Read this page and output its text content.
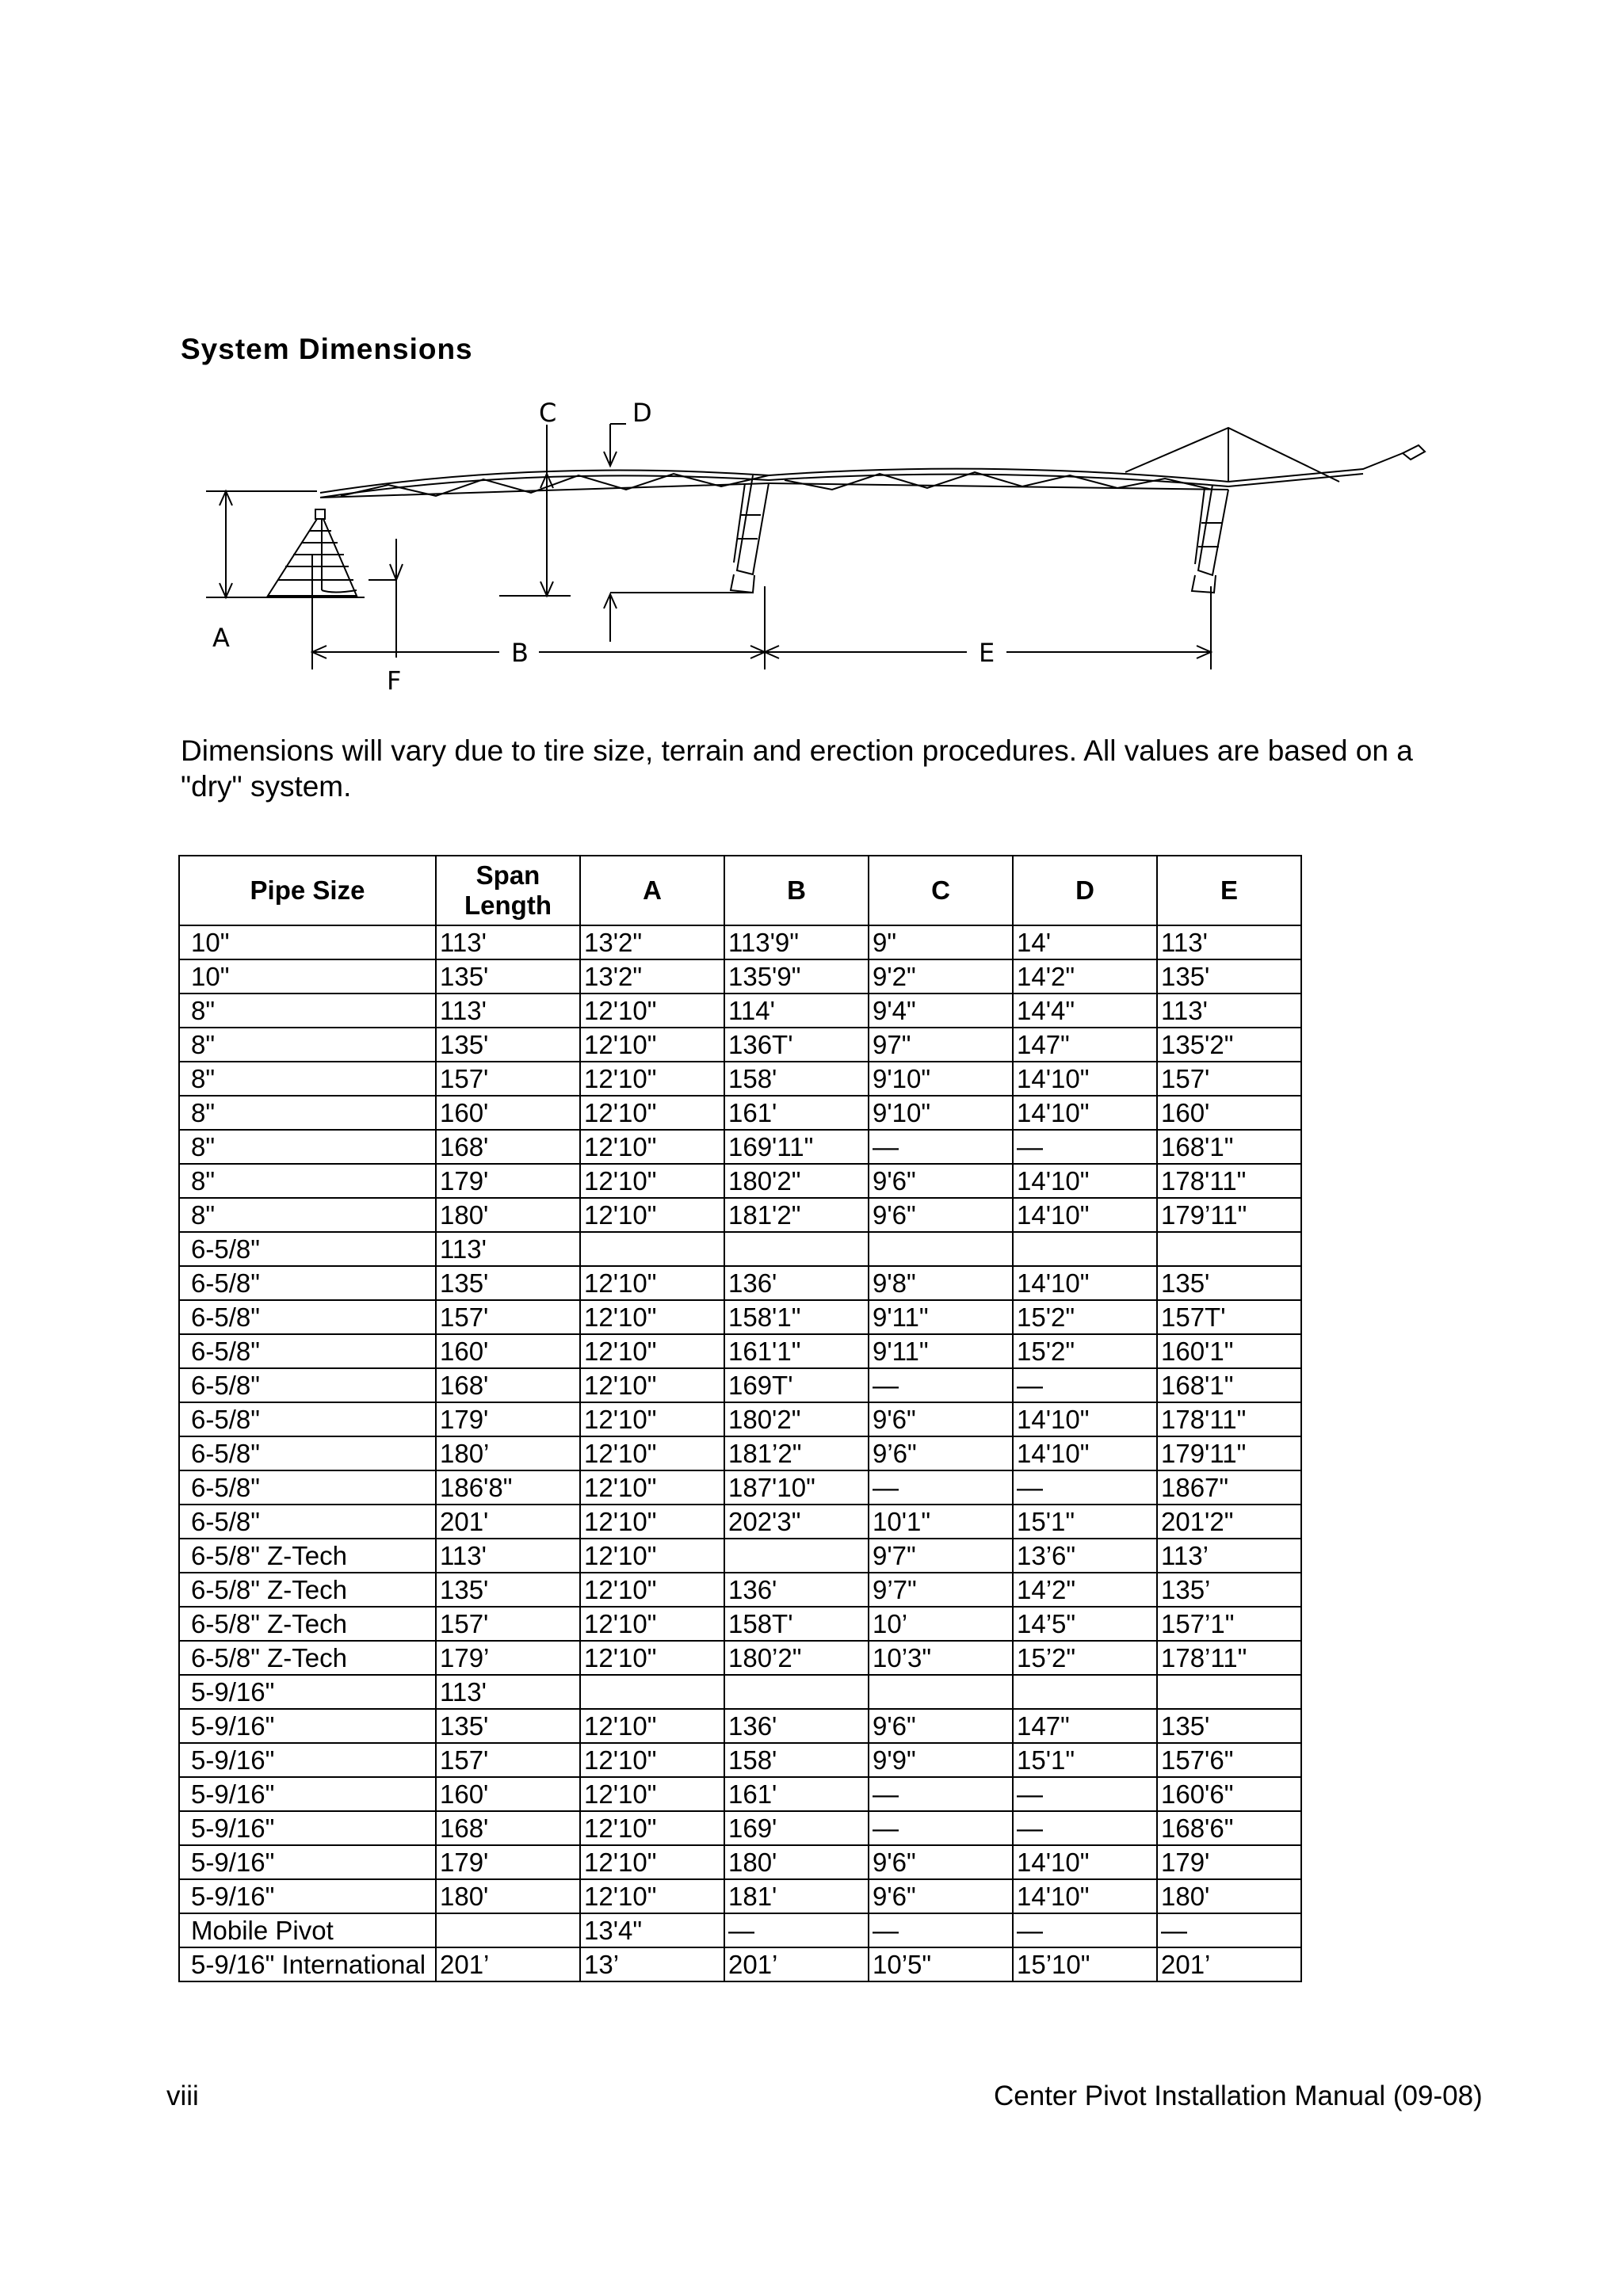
System Dimensions
A	B
C	D
E
F
Dimensions will vary due to tire size, terrain and erection procedures. All values are based on a "dry" system.
Pipe Size	Span Length	A	B	C	D	E
10"	113'	13'2"	113'9"	9"	14'	113'
10"	135'	13'2"	135'9"	9'2"	14'2"	135'
8"	113'	12'10"	114'	9'4"	14'4"	113'
8"	135'	12'10"	136T'	97"	147"	135'2"
8"	157'	12'10"	158'	9'10"	14'10"	157'
8"	160'	12'10"	161'	9'10"	14'10"	160'
8"	168'	12'10"	169'11"	—	—	168'1"
8"	179'	12'10"	180'2"	9'6"	14'10"	178'11"
8"	180'	12'10"	181'2"	9'6"	14'10"	179’11"
6-5/8"	113'					
6-5/8"	135'	12'10"	136'	9'8"	14'10"	135'
6-5/8"	157'	12'10"	158'1"	9'11"	15'2"	157T'
6-5/8"	160'	12'10"	161'1"	9'11"	15'2"	160'1"
6-5/8"	168'	12'10"	169T'	—	—	168'1"
6-5/8"	179'	12'10"	180'2"	9'6"	14'10"	178'11"
6-5/8"	180’	12'10"	181’2"	9’6"	14'10"	179'11"
6-5/8"	186'8"	12'10"	187'10"	—	—	1867"
6-5/8"	201'	12'10"	202'3"	10'1"	15'1"	201'2"
6-5/8" Z-Tech	113'	12'10"		9'7"	13’6"	113’
6-5/8" Z-Tech	135'	12'10"	136'	9’7"	14’2"	135’
6-5/8" Z-Tech	157'	12'10"	158T'	10’	14’5"	157’1"
6-5/8" Z-Tech	179’	12'10"	180’2"	10’3"	15’2"	178’11"
5-9/16"	113'					
5-9/16"	135'	12'10"	136'	9'6"	147"	135'
5-9/16"	157'	12'10"	158'	9'9"	15'1"	157'6"
5-9/16"	160'	12'10"	161'	—	—	160'6"
5-9/16"	168'	12'10"	169'	—	—	168'6"
5-9/16"	179'	12'10"	180'	9'6"	14'10"	179'
5-9/16"	180'	12'10"	181'	9'6"	14'10"	180'
Mobile Pivot		13'4"	—	—	—	—
5-9/16" International	201’	13’	201’	10’5"	15’10"	201’
viii	Center Pivot Installation Manual (09-08)
